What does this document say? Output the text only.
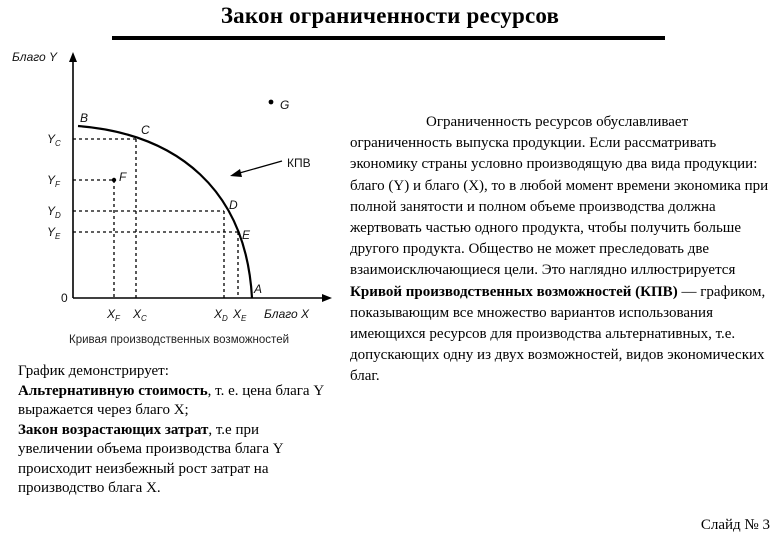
Закон ограниченности ресурсов
Благо Y
Благо X
0
КПВ
B
C
F
D
E
A
G
$Y_C$
$Y_F$
$Y_D$
$Y_E$
$X_F$ $X_C$	$X_D$ $X_E$
Кривая производственных возможностей
График демонстрирует:
Альтернативную стоимость, т. е. цена блага Y выражается через благо X;
Закон возрастающих затрат, т.е при увеличении объема производства блага Y происходит неизбежный рост затрат на производство блага X.
Ограниченность ресурсов обуславливает ограниченность выпуска продукции. Если рассматривать экономику страны условно производящую два вида продукции: благо (Y) и благо (X), то в любой момент времени экономика при полной занятости и полном объеме производства должна жертвовать частью одного продукта, чтобы получить больше другого продукта. Общество не может преследовать две взаимоисключающиеся цели. Это наглядно иллюстрируется Кривой производственных возможностей (КПВ) — графиком, показывающим все множество вариантов использования имеющихся ресурсов для производства альтернативных, т.е. допускающих одну из двух возможностей, видов экономических благ.
Слайд № 3
